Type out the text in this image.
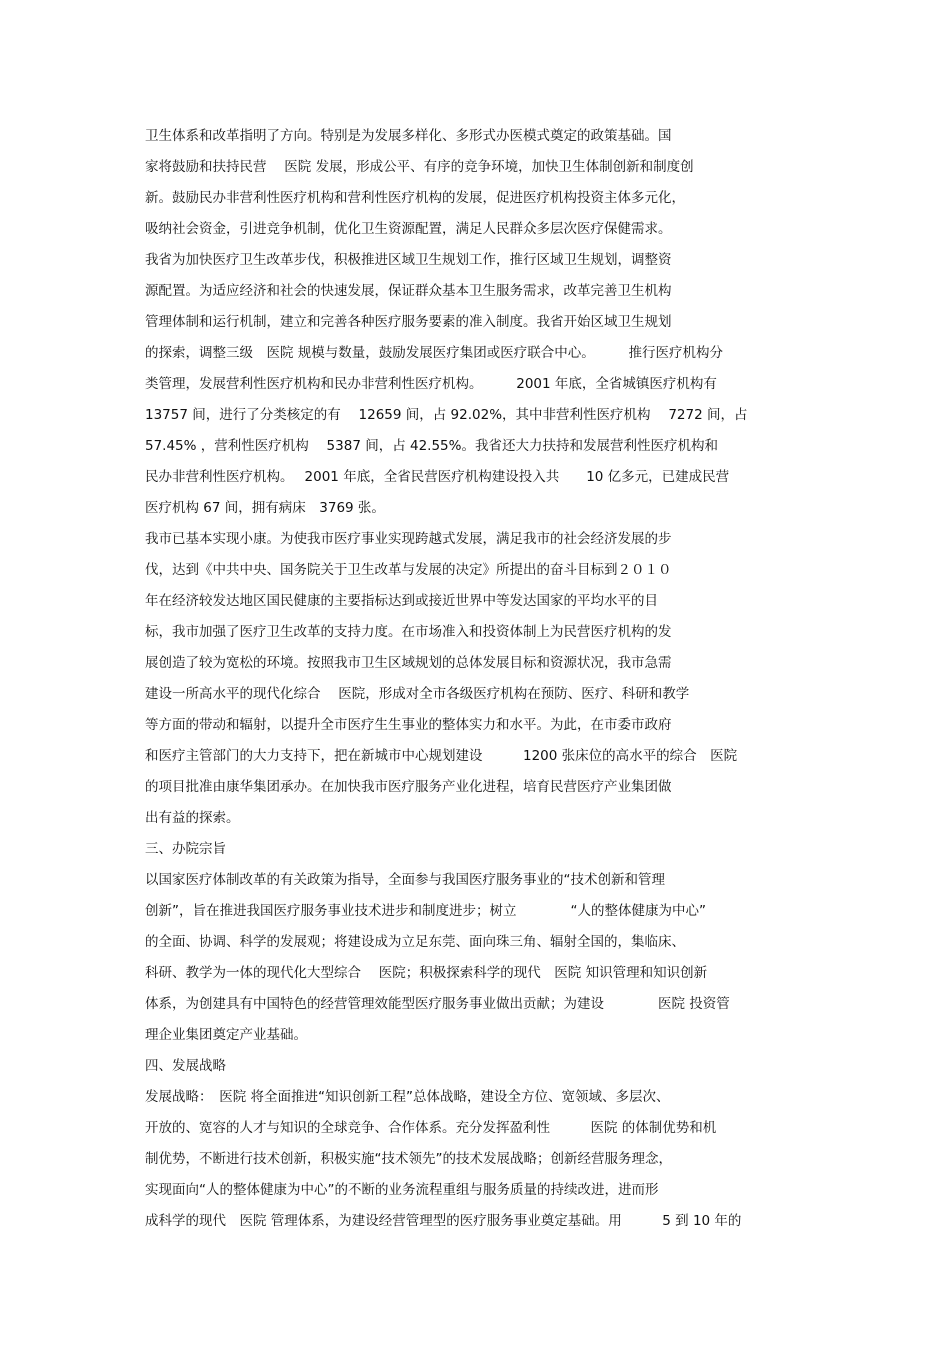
卫生体系和改革指明了方向。特别是为发展多样化、多形式办医模式奠定的政策基础。国
家将鼓励和扶持民营　 医院 发展，形成公平、有序的竞争环境，加快卫生体制创新和制度创
新。鼓励民办非营利性医疗机构和营利性医疗机构的发展，促进医疗机构投资主体多元化，
吸纳社会资金，引进竞争机制，优化卫生资源配置，满足人民群众多层次医疗保健需求。
我省为加快医疗卫生改革步伐，积极推进区域卫生规划工作，推行区域卫生规划，调整资
源配置。为适应经济和社会的快速发展，保证群众基本卫生服务需求，改革完善卫生机构
管理体制和运行机制，建立和完善各种医疗服务要素的准入制度。我省开始区域卫生规划
的探索，调整三级　医院 规模与数量，鼓励发展医疗集团或医疗联合中心。　　　推行医疗机构分
类管理，发展营利性医疗机构和民办非营利性医疗机构。　　　2001 年底，全省城镇医疗机构有
13757 间，进行了分类核定的有　 12659 间，占 92.02%，其中非营利性医疗机构　 7272 间，占
57.45% ，营利性医疗机构　 5387 间，占 42.55%。我省还大力扶持和发展营利性医疗机构和
民办非营利性医疗机构。　 2001 年底，全省民营医疗机构建设投入共　　10 亿多元，已建成民营
医疗机构 67 间，拥有病床　3769 张。
我市已基本实现小康。为使我市医疗事业实现跨越式发展，满足我市的社会经济发展的步
伐，达到《中共中央、国务院关于卫生改革与发展的决定》所提出的奋斗目标到２０１０
年在经济较发达地区国民健康的主要指标达到或接近世界中等发达国家的平均水平的目
标，我市加强了医疗卫生改革的支持力度。在市场准入和投资体制上为民营医疗机构的发
展创造了较为宽松的环境。按照我市卫生区域规划的总体发展目标和资源状况，我市急需
建设一所高水平的现代化综合　 医院，形成对全市各级医疗机构在预防、医疗、科研和教学
等方面的带动和辐射，以提升全市医疗生生事业的整体实力和水平。为此，在市委市政府
和医疗主管部门的大力支持下，把在新城市中心规划建设　　　1200 张床位的高水平的综合　医院
的项目批准由康华集团承办。在加快我市医疗服务产业化进程，培育民营医疗产业集团做
出有益的探索。
三、办院宗旨
以国家医疗体制改革的有关政策为指导，全面参与我国医疗服务事业的“技术创新和管理
创新”，旨在推进我国医疗服务事业技术进步和制度进步；树立　　　　“人的整体健康为中心”
的全面、协调、科学的发展观；将建设成为立足东莞、面向珠三角、辐射全国的，集临床、
科研、教学为一体的现代化大型综合　 医院；积极探索科学的现代　医院 知识管理和知识创新
体系，为创建具有中国特色的经营管理效能型医疗服务事业做出贡献；为建设　　　　医院 投资管
理企业集团奠定产业基础。
四、发展战略
发展战略：　医院 将全面推进“知识创新工程”总体战略，建设全方位、宽领域、多层次、
开放的、宽容的人才与知识的全球竞争、合作体系。充分发挥盈利性　　　医院 的体制优势和机
制优势，不断进行技术创新，积极实施“技术领先”的技术发展战略；创新经营服务理念，
实现面向“人的整体健康为中心”的不断的业务流程重组与服务质量的持续改进，进而形
成科学的现代　医院 管理体系，为建设经营管理型的医疗服务事业奠定基础。用　　　5 到 10 年的
